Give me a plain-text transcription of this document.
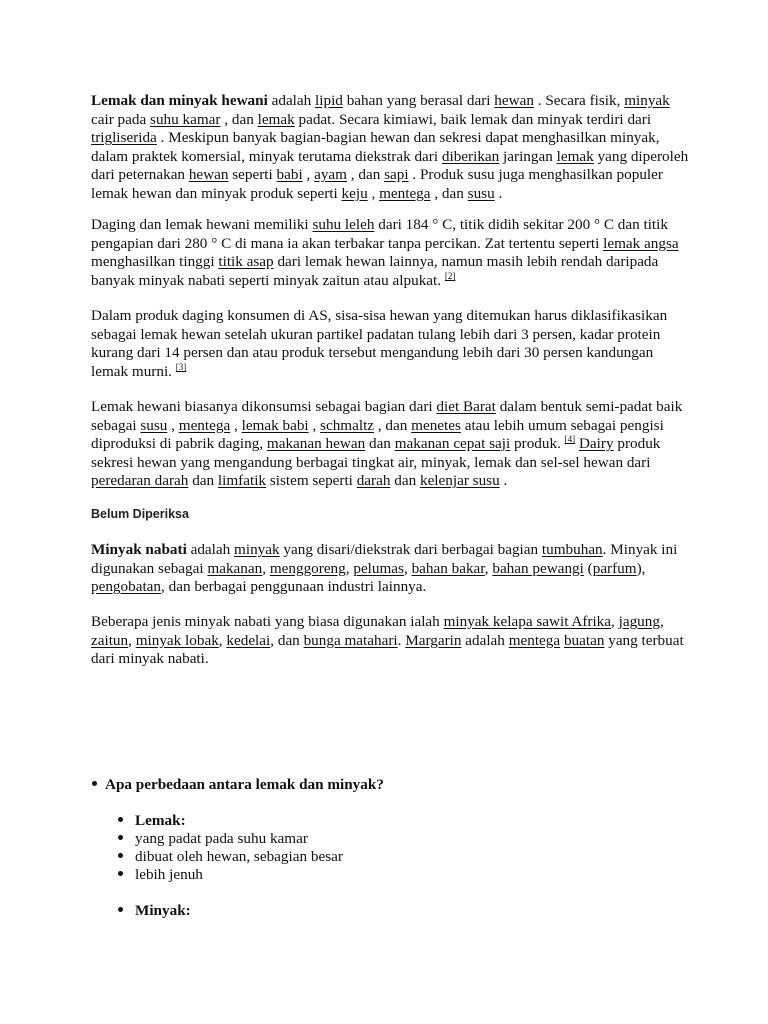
Lemak dan minyak hewani adalah lipid bahan yang berasal dari hewan . Secara fisik, minyak cair pada suhu kamar , dan lemak padat. Secara kimiawi, baik lemak dan minyak terdiri dari trigliserida . Meskipun banyak bagian-bagian hewan dan sekresi dapat menghasilkan minyak, dalam praktek komersial, minyak terutama diekstrak dari diberikan jaringan lemak yang diperoleh dari peternakan hewan seperti babi , ayam , dan sapi . Produk susu juga menghasilkan populer lemak hewan dan minyak produk seperti keju , mentega , dan susu .

Daging dan lemak hewani memiliki suhu leleh dari 184 ° C, titik didih sekitar 200 ° C dan titik pengapian dari 280 ° C di mana ia akan terbakar tanpa percikan. Zat tertentu seperti lemak angsa menghasilkan tinggi titik asap dari lemak hewan lainnya, namun masih lebih rendah daripada banyak minyak nabati seperti minyak zaitun atau alpukat. [2]

Dalam produk daging konsumen di AS, sisa-sisa hewan yang ditemukan harus diklasifikasikan sebagai lemak hewan setelah ukuran partikel padatan tulang lebih dari 3 persen, kadar protein kurang dari 14 persen dan atau produk tersebut mengandung lebih dari 30 persen kandungan lemak murni. [3]

Lemak hewani biasanya dikonsumsi sebagai bagian dari diet Barat dalam bentuk semi-padat baik sebagai susu , mentega , lemak babi , schmaltz , dan menetes atau lebih umum sebagai pengisi diproduksi di pabrik daging, makanan hewan dan makanan cepat saji produk. [4] Dairy produk sekresi hewan yang mengandung berbagai tingkat air, minyak, lemak dan sel-sel hewan dari peredaran darah dan limfatik sistem seperti darah dan kelenjar susu .

Belum Diperiksa

Minyak nabati adalah minyak yang disari/diekstrak dari berbagai bagian tumbuhan. Minyak ini digunakan sebagai makanan, menggoreng, pelumas, bahan bakar, bahan pewangi (parfum), pengobatan, dan berbagai penggunaan industri lainnya.

Beberapa jenis minyak nabati yang biasa digunakan ialah minyak kelapa sawit Afrika, jagung, zaitun, minyak lobak, kedelai, dan bunga matahari. Margarin adalah mentega buatan yang terbuat dari minyak nabati.

Apa perbedaan antara lemak dan minyak?
Lemak:
yang padat pada suhu kamar
dibuat oleh hewan, sebagian besar
lebih jenuh
Minyak:
